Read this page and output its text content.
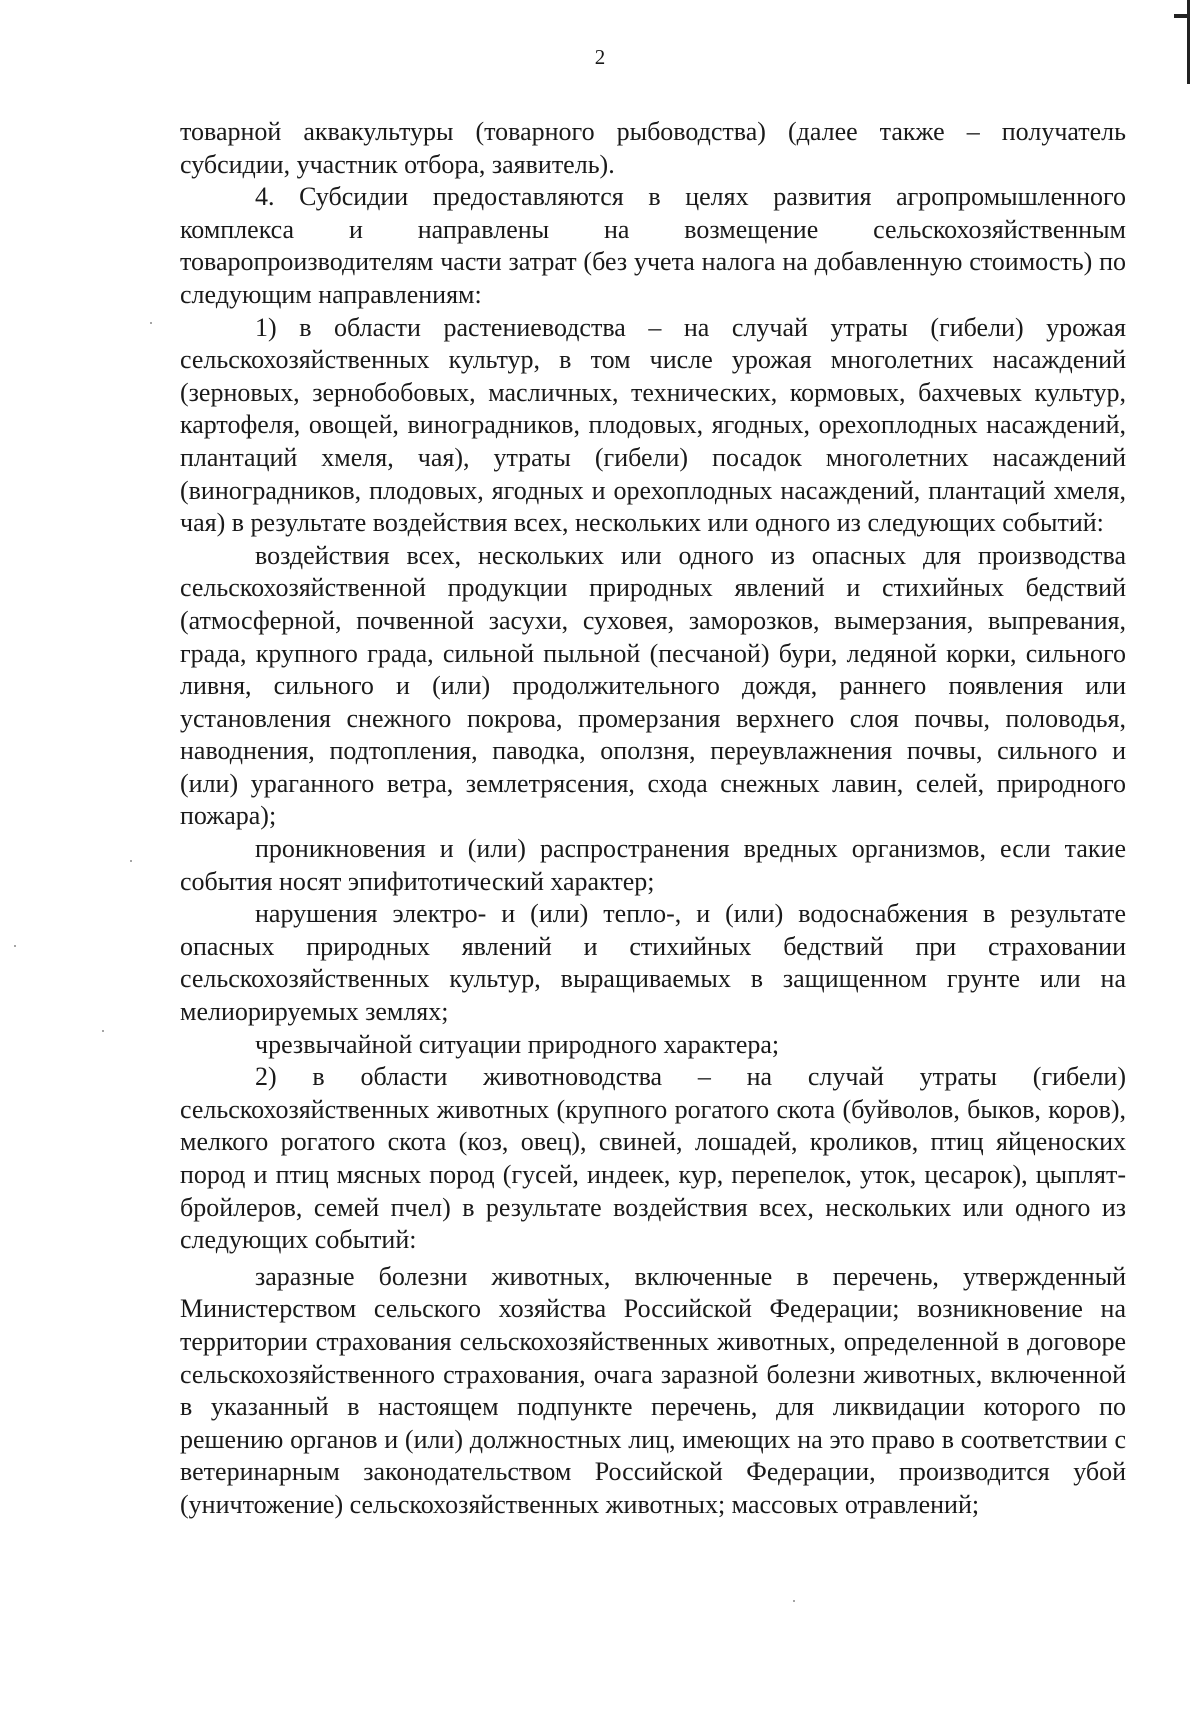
2

товарной аквакультуры (товарного рыбоводства) (далее также – получатель субсидии, участник отбора, заявитель).

4. Субсидии предоставляются в целях развития агропромышленного комплекса и направлены на возмещение сельскохозяйственным товаропроизводителям части затрат (без учета налога на добавленную стоимость) по следующим направлениям:

1) в области растениеводства – на случай утраты (гибели) урожая сельскохозяйственных культур, в том числе урожая многолетних насаждений (зерновых, зернобобовых, масличных, технических, кормовых, бахчевых культур, картофеля, овощей, виноградников, плодовых, ягодных, орехоплодных насаждений, плантаций хмеля, чая), утраты (гибели) посадок многолетних насаждений (виноградников, плодовых, ягодных и орехоплодных насаждений, плантаций хмеля, чая) в результате воздействия всех, нескольких или одного из следующих событий:

воздействия всех, нескольких или одного из опасных для производства сельскохозяйственной продукции природных явлений и стихийных бедствий (атмосферной, почвенной засухи, суховея, заморозков, вымерзания, выпревания, града, крупного града, сильной пыльной (песчаной) бури, ледяной корки, сильного ливня, сильного и (или) продолжительного дождя, раннего появления или установления снежного покрова, промерзания верхнего слоя почвы, половодья, наводнения, подтопления, паводка, оползня, переувлажнения почвы, сильного и (или) ураганного ветра, землетрясения, схода снежных лавин, селей, природного пожара);

проникновения и (или) распространения вредных организмов, если такие события носят эпифитотический характер;

нарушения электро- и (или) тепло-, и (или) водоснабжения в результате опасных природных явлений и стихийных бедствий при страховании сельскохозяйственных культур, выращиваемых в защищенном грунте или на мелиорируемых землях;

чрезвычайной ситуации природного характера;

2) в области животноводства – на случай утраты (гибели) сельскохозяйственных животных (крупного рогатого скота (буйволов, быков, коров), мелкого рогатого скота (коз, овец), свиней, лошадей, кроликов, птиц яйценоских пород и птиц мясных пород (гусей, индеек, кур, перепелок, уток, цесарок), цыплят-бройлеров, семей пчел) в результате воздействия всех, нескольких или одного из следующих событий:

заразные болезни животных, включенные в перечень, утвержденный Министерством сельского хозяйства Российской Федерации; возникновение на территории страхования сельскохозяйственных животных, определенной в договоре сельскохозяйственного страхования, очага заразной болезни животных, включенной в указанный в настоящем подпункте перечень, для ликвидации которого по решению органов и (или) должностных лиц, имеющих на это право в соответствии с ветеринарным законодательством Российской Федерации, производится убой (уничтожение) сельскохозяйственных животных; массовых отравлений;
